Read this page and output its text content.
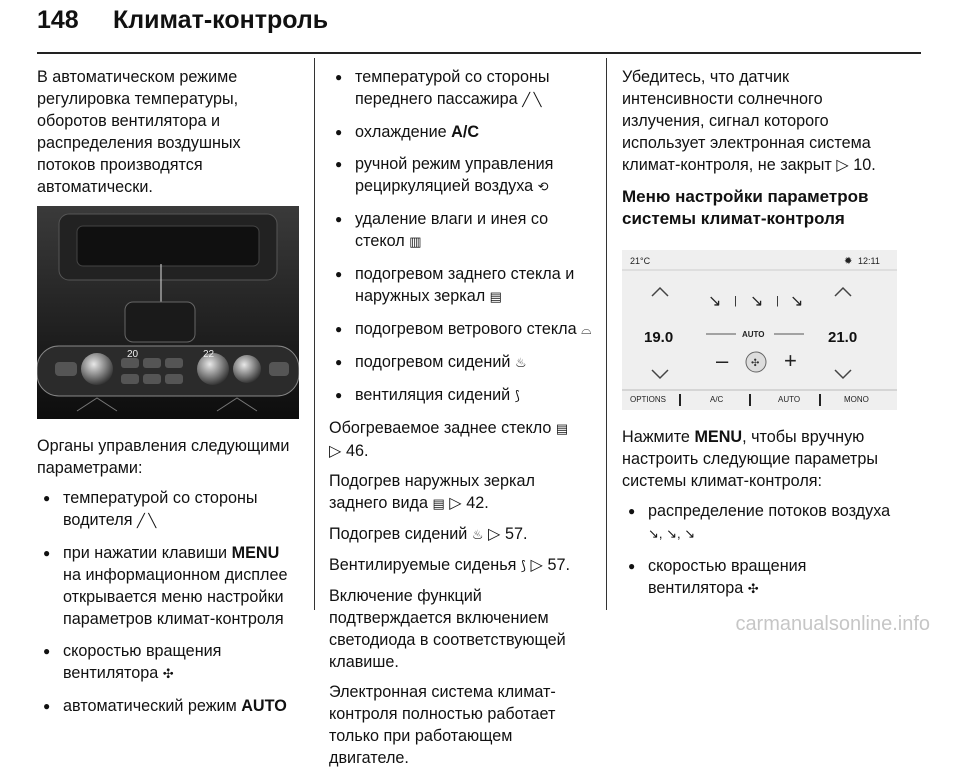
148 Климат-контроль

В автоматическом режиме регулировка температуры, оборотов вентилятора и распределения воздушных потоков производятся автоматически.

20	22

Органы управления следующими параметрами:

● температурой со стороны водителя ╱ ╲
● при нажатии клавиши MENU на информационном дисплее открывается меню настройки параметров климат-контроля
● скоростью вращения вентилятора ✣
● автоматический режим AUTO
● температурой со стороны переднего пассажира ╱ ╲
● охлаждение A/C
● ручной режим управления рециркуляцией воздуха ⟲
● удаление влаги и инея со стекол ▥
● подогревом заднего стекла и наружных зеркал ▤
● подогревом ветрового стекла ⌓
● подогревом сидений ♨
● вентиляция сидений ⟆

Обогреваемое заднее стекло ▤
▷ 46.

Подогрев наружных зеркал заднего вида ▤ ▷ 42.

Подогрев сидений ♨ ▷ 57.

Вентилируемые сиденья ⟆ ▷ 57.

Включение функций подтверждается включением светодиода в соответствующей клавише.

Электронная система климат-контроля полностью работает только при работающем двигателе.

Убедитесь, что датчик интенсивности солнечного излучения, сигнал которого использует электронная система климат-контроля, не закрыт ▷ 10.

Меню настройки параметров системы климат-контроля
21°C	✹ 12:11
19.0	21.0
↘ | ↘ | ↘
AUTO
– ✣ +
OPTIONS	A/C	AUTO	MONO

Нажмите MENU, чтобы вручную настроить следующие параметры системы климат-контроля:

● распределение потоков воздуха ↘, ↘, ↘
● скоростью вращения вентилятора ✣
carmanualsonline.info
